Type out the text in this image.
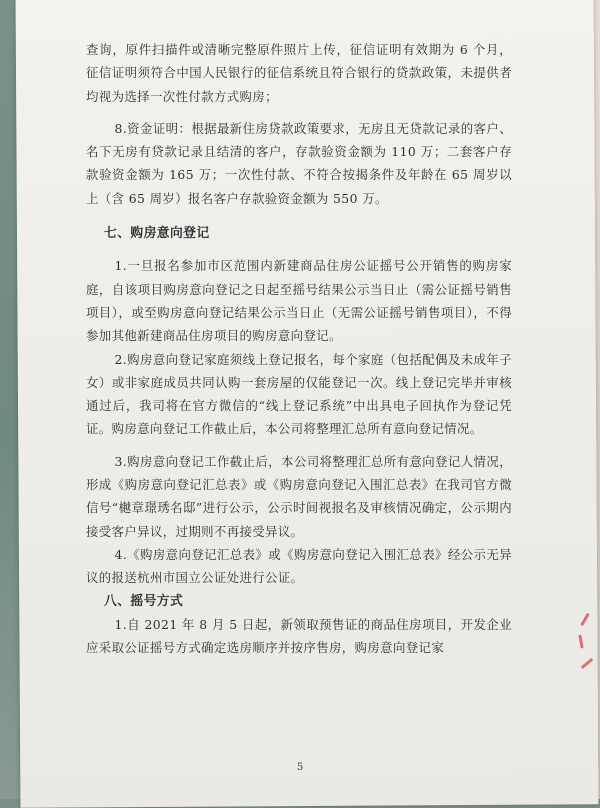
查询，原件扫描件或清晰完整原件照片上传，征信证明有效期为 6 个月，征信证明须符合中国人民银行的征信系统且符合银行的贷款政策，未提供者均视为选择一次性付款方式购房；

8.资金证明：根据最新住房贷款政策要求，无房且无贷款记录的客户、名下无房有贷款记录且结清的客户，存款验资金额为 110 万；二套客户存款验资金额为 165 万；一次性付款、不符合按揭条件及年龄在 65 周岁以上（含 65 周岁）报名客户存款验资金额为 550 万。

七、购房意向登记

1.一旦报名参加市区范围内新建商品住房公证摇号公开销售的购房家庭，自该项目购房意向登记之日起至摇号结果公示当日止（需公证摇号销售项目），或至购房意向登记结果公示当日止（无需公证摇号销售项目），不得参加其他新建商品住房项目的购房意向登记。

2.购房意向登记家庭须线上登记报名，每个家庭（包括配偶及未成年子女）或非家庭成员共同认购一套房屋的仅能登记一次。线上登记完毕并审核通过后，我司将在官方微信的“线上登记系统”中出具电子回执作为登记凭证。购房意向登记工作截止后，本公司将整理汇总所有意向登记情况。

3.购房意向登记工作截止后，本公司将整理汇总所有意向登记人情况，形成《购房意向登记汇总表》或《购房意向登记入围汇总表》在我司官方微信号“樾章璟琇名邸”进行公示，公示时间视报名及审核情况确定，公示期内接受客户异议，过期则不再接受异议。

4.《购房意向登记汇总表》或《购房意向登记入围汇总表》经公示无异议的报送杭州市国立公证处进行公证。

八、摇号方式

1.自 2021 年 8 月 5 日起，新领取预售证的商品住房项目，开发企业应采取公证摇号方式确定选房顺序并按序售房，购房意向登记家

5
